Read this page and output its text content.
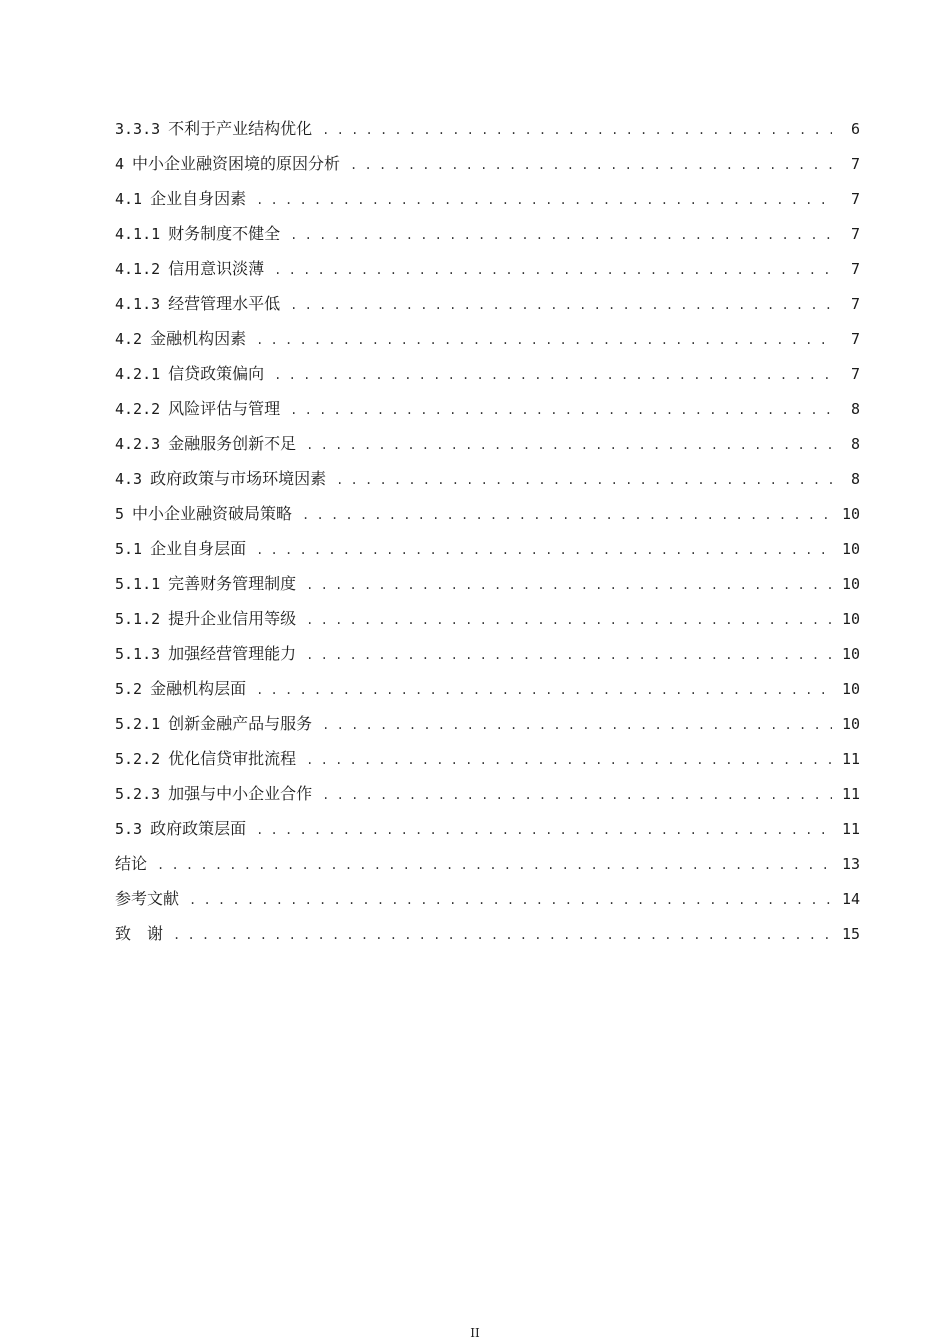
3.3.3 不利于产业结构优化 . . .	6
4 中小企业融资困境的原因分析 . . .	7
4.1 企业自身因素 . . .	7
4.1.1 财务制度不健全 . . .	7
4.1.2 信用意识淡薄 . . .	7
4.1.3 经营管理水平低 . . .	7
4.2 金融机构因素 . . .	7
4.2.1 信贷政策偏向 . . .	7
4.2.2 风险评估与管理 . . .	8
4.2.3 金融服务创新不足 . . .	8
4.3 政府政策与市场环境因素 . . .	8
5 中小企业融资破局策略 . . .	10
5.1 企业自身层面 . . .	10
5.1.1 完善财务管理制度 . . .	10
5.1.2 提升企业信用等级 . . .	10
5.1.3 加强经营管理能力 . . .	10
5.2 金融机构层面 . . .	10
5.2.1 创新金融产品与服务 . . .	10
5.2.2 优化信贷审批流程 . . .	11
5.2.3 加强与中小企业合作 . . .	11
5.3 政府政策层面 . . .	11
结论 . . .	13
参考文献 . . .	14
致　谢 . . .	15
II
